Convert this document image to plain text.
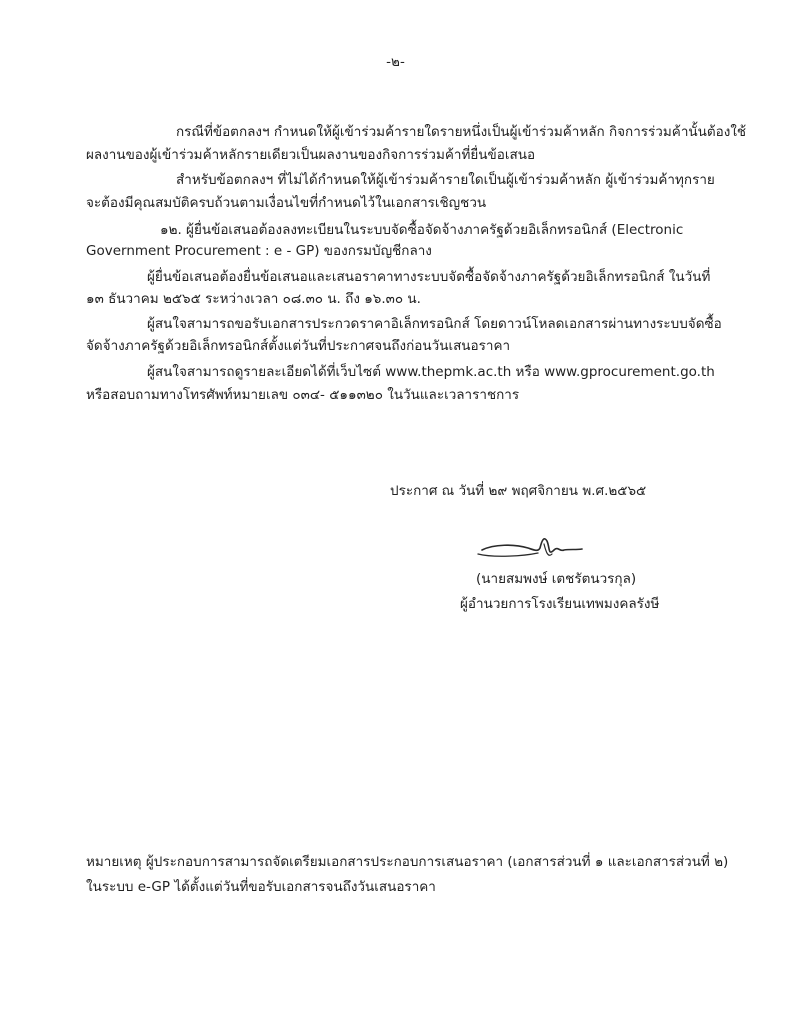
-๒-
กรณีที่ข้อตกลงฯ กำหนดให้ผู้เข้าร่วมค้ารายใดรายหนึ่งเป็นผู้เข้าร่วมค้าหลัก กิจการร่วมค้านั้นต้องใช้
ผลงานของผู้เข้าร่วมค้าหลักรายเดียวเป็นผลงานของกิจการร่วมค้าที่ยื่นข้อเสนอ
สำหรับข้อตกลงฯ ที่ไม่ได้กำหนดให้ผู้เข้าร่วมค้ารายใดเป็นผู้เข้าร่วมค้าหลัก ผู้เข้าร่วมค้าทุกราย
จะต้องมีคุณสมบัติครบถ้วนตามเงื่อนไขที่กำหนดไว้ในเอกสารเชิญชวน
๑๒. ผู้ยื่นข้อเสนอต้องลงทะเบียนในระบบจัดซื้อจัดจ้างภาครัฐด้วยอิเล็กทรอนิกส์ (Electronic
Government Procurement : e - GP) ของกรมบัญชีกลาง
ผู้ยื่นข้อเสนอต้องยื่นข้อเสนอและเสนอราคาทางระบบจัดซื้อจัดจ้างภาครัฐด้วยอิเล็กทรอนิกส์ ในวันที่
๑๓ ธันวาคม ๒๕๖๕ ระหว่างเวลา ๐๘.๓๐ น. ถึง ๑๖.๓๐ น.
ผู้สนใจสามารถขอรับเอกสารประกวดราคาอิเล็กทรอนิกส์ โดยดาวน์โหลดเอกสารผ่านทางระบบจัดซื้อ
จัดจ้างภาครัฐด้วยอิเล็กทรอนิกส์ตั้งแต่วันที่ประกาศจนถึงก่อนวันเสนอราคา
ผู้สนใจสามารถดูรายละเอียดได้ที่เว็บไซต์ www.thepmk.ac.th หรือ www.gprocurement.go.th
หรือสอบถามทางโทรศัพท์หมายเลข ๐๓๔- ๕๑๑๓๒๐ ในวันและเวลาราชการ
ประกาศ ณ วันที่ ๒๙ พฤศจิกายน พ.ศ.๒๕๖๕
(นายสมพงษ์ เตชรัตนวรกุล)
ผู้อำนวยการโรงเรียนเทพมงคลรังษี
หมายเหตุ ผู้ประกอบการสามารถจัดเตรียมเอกสารประกอบการเสนอราคา (เอกสารส่วนที่ ๑ และเอกสารส่วนที่ ๒)
ในระบบ e-GP ได้ตั้งแต่วันที่ขอรับเอกสารจนถึงวันเสนอราคา
